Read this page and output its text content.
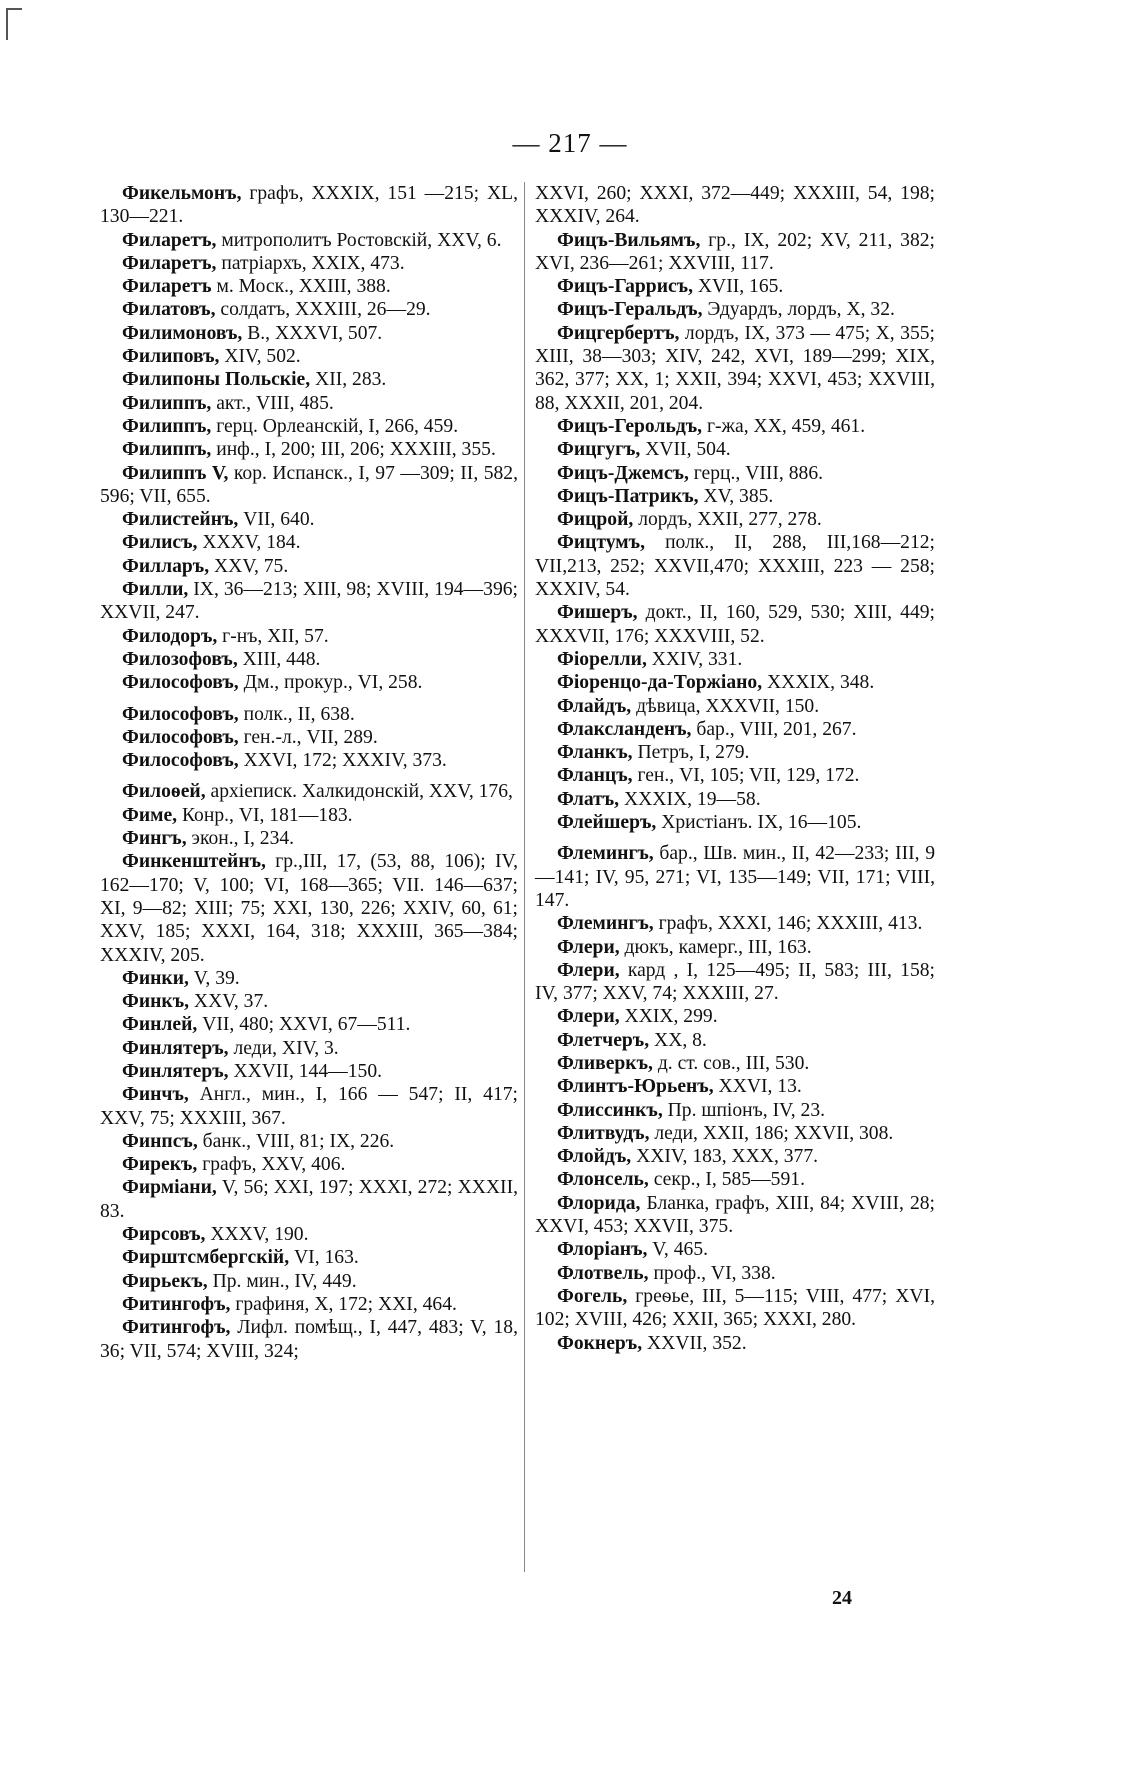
— 217 —
Фикельмонъ, графъ, XXXIX, 151 —215; XL, 130—221.
Филаретъ, митрополитъ Ростовскій, XXV, 6.
Филаретъ, патріархъ, XXIX, 473.
Филаретъ м. Моск., XXIII, 388.
Филатовъ, солдатъ, XXXIII, 26—29.
Филимоновъ, В., XXXVI, 507.
Филиповъ, XIV, 502.
Филипоны Польскіе, XII, 283.
Филиппъ, акт., VIII, 485.
Филиппъ, герц. Орлеанскій, I, 266, 459.
Филиппъ, инф., I, 200; III, 206; XXXIII, 355.
Филиппъ V, кор. Испанск., I, 97 —309; II, 582, 596; VII, 655.
Филистейнъ, VII, 640.
Филисъ, XXXV, 184.
Филларъ, XXV, 75.
Филли, IX, 36—213; XIII, 98; XVIII, 194—396; XXVII, 247.
Филодоръ, г-нъ, XII, 57.
Филозофовъ, XIII, 448.
Философовъ, Дм., прокур., VI, 258.
Философовъ, полк., II, 638.
Философовъ, ген.-л., VII, 289.
Философовъ, XXVI, 172; XXXIV, 373.
Филоѳей, архіеписк. Халкидонскій, XXV, 176,
Фиме, Конр., VI, 181—183.
Фингъ, экон., I, 234.
Финкенштейнъ, гр.,III, 17, (53, 88, 106); IV, 162—170; V, 100; VI, 168—365; VII. 146—637; XI, 9—82; XIII; 75; XXI, 130, 226; XXIV, 60, 61; XXV, 185; XXXI, 164, 318; XXXIII, 365—384; XXXIV, 205.
Финки, V, 39.
Финкъ, XXV, 37.
Финлей, VII, 480; XXVI, 67—511.
Финлятеръ, леди, XIV, 3.
Финлятеръ, XXVII, 144—150.
Финчъ, Англ., мин., I, 166 — 547; II, 417; XXV, 75; XXXIII, 367.
Финпсъ, банк., VIII, 81; IX, 226.
Фирекъ, графъ, XXV, 406.
Фирміани, V, 56; XXI, 197; XXXI, 272; XXXII, 83.
Фирсовъ, XXXV, 190.
Фирштсмбергскій, VI, 163.
Фирьекъ, Пр. мин., IV, 449.
Фитингофъ, графиня, X, 172; XXI, 464.
Фитингофъ, Лифл. помѣщ., I, 447, 483; V, 18, 36; VII, 574; XVIII, 324;
XXVI, 260; XXXI, 372—449; XXXIII, 54, 198; XXXIV, 264.
Фицъ-Вильямъ, гр., IX, 202; XV, 211, 382; XVI, 236—261; XXVIII, 117.
Фицъ-Гаррисъ, XVII, 165.
Фицъ-Геральдъ, Эдуардъ, лордъ, X, 32.
Фицгербертъ, лордъ, IX, 373 — 475; X, 355; XIII, 38—303; XIV, 242, XVI, 189—299; XIX, 362, 377; XX, 1; XXII, 394; XXVI, 453; XXVIII, 88, XXXII, 201, 204.
Фицъ-Герольдъ, г-жа, XX, 459, 461.
Фицгугъ, XVII, 504.
Фицъ-Джемсъ, герц., VIII, 886.
Фицъ-Патрикъ, XV, 385.
Фицрой, лордъ, XXII, 277, 278.
Фицтумъ, полк., II, 288, III,168—212; VII,213, 252; XXVII,470; XXXIII, 223 — 258; XXXIV, 54.
Фишеръ, докт., II, 160, 529, 530; XIII, 449; XXXVII, 176; XXXVIII, 52.
Фіорелли, XXIV, 331.
Фіоренцо-да-Торжіано, XXXIX, 348.
Флайдъ, дѣвица, XXXVII, 150.
Флаксланденъ, бар., VIII, 201, 267.
Фланкъ, Петръ, I, 279.
Фланцъ, ген., VI, 105; VII, 129, 172.
Флатъ, XXXIX, 19—58.
Флейшеръ, Христіанъ. IX, 16—105.
Флемингъ, бар., Шв. мин., II, 42—233; III, 9—141; IV, 95, 271; VI, 135—149; VII, 171; VIII, 147.
Флемингъ, графъ, XXXI, 146; XXXIII, 413.
Флери, дюкъ, камерг., III, 163.
Флери, кард , I, 125—495; II, 583; III, 158; IV, 377; XXV, 74; XXXIII, 27.
Флери, XXIX, 299.
Флетчеръ, XX, 8.
Фливеркъ, д. ст. сов., III, 530.
Флинтъ-Юрьенъ, XXVI, 13.
Флиссинкъ, Пр. шпіонъ, IV, 23.
Флитвудъ, леди, XXII, 186; XXVII, 308.
Флойдъ, XXIV, 183, XXX, 377.
Флонсель, секр., I, 585—591.
Флорида, Бланка, графъ, XIII, 84; XVIII, 28; XXVI, 453; XXVII, 375.
Флоріанъ, V, 465.
Флотвель, проф., VI, 338.
Фогель, греѳье, III, 5—115; VIII, 477; XVI, 102; XVIII, 426; XXII, 365; XXXI, 280.
Фокнеръ, XXVII, 352.
24
